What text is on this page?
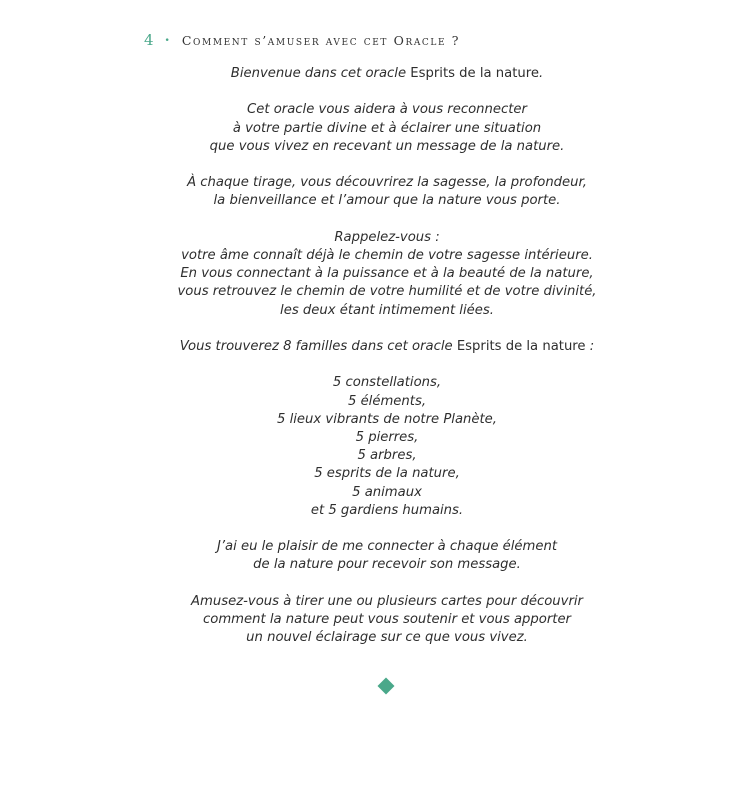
4 • Comment s’amuser avec cet Oracle ?

Bienvenue dans cet oracle Esprits de la nature.

Cet oracle vous aidera à vous reconnecter
à votre partie divine et à éclairer une situation
que vous vivez en recevant un message de la nature.

À chaque tirage, vous découvrirez la sagesse, la profondeur,
la bienveillance et l’amour que la nature vous porte.

Rappelez-vous :
votre âme connaît déjà le chemin de votre sagesse intérieure.
En vous connectant à la puissance et à la beauté de la nature,
vous retrouvez le chemin de votre humilité et de votre divinité,
les deux étant intimement liées.

Vous trouverez 8 familles dans cet oracle Esprits de la nature :

5 constellations,
5 éléments,
5 lieux vibrants de notre Planète,
5 pierres,
5 arbres,
5 esprits de la nature,
5 animaux
et 5 gardiens humains.

J’ai eu le plaisir de me connecter à chaque élément
de la nature pour recevoir son message.

Amusez-vous à tirer une ou plusieurs cartes pour découvrir
comment la nature peut vous soutenir et vous apporter
un nouvel éclairage sur ce que vous vivez.
